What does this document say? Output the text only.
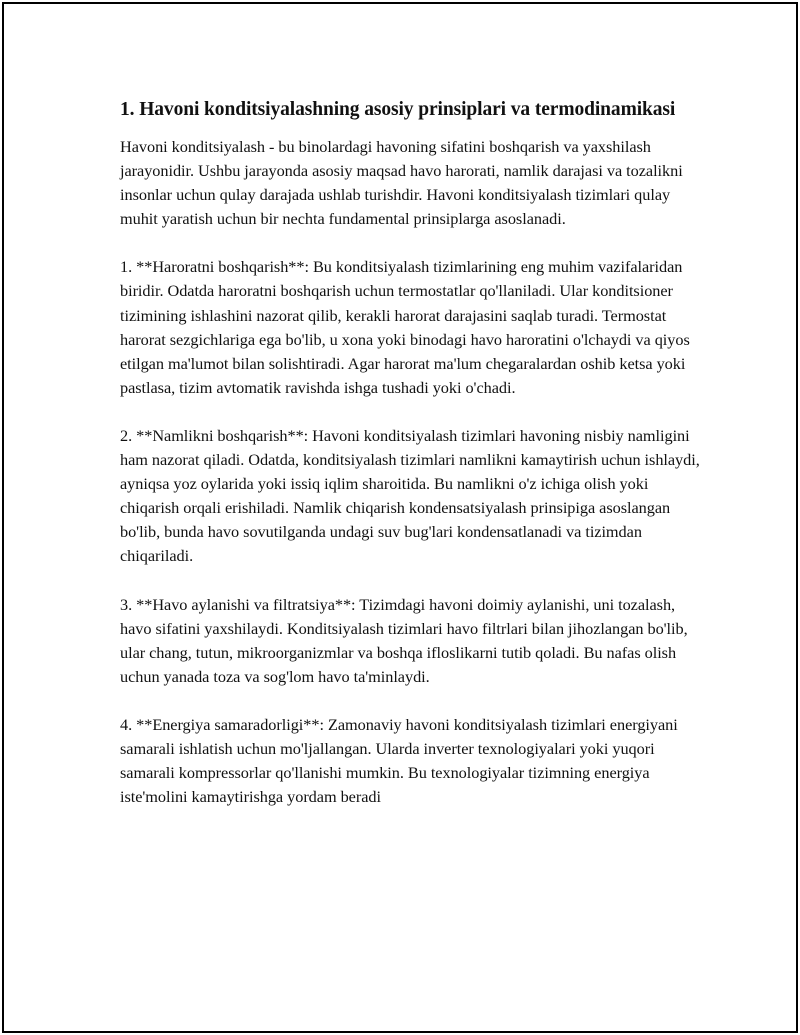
1. Havoni konditsiyalashning asosiy prinsiplari va termodinamikasi

Havoni konditsiyalash - bu binolardagi havoning sifatini boshqarish va yaxshilash jarayonidir. Ushbu jarayonda asosiy maqsad havo harorati, namlik darajasi va tozalikni insonlar uchun qulay darajada ushlab turishdir. Havoni konditsiyalash tizimlari qulay muhit yaratish uchun bir nechta fundamental prinsiplarga asoslanadi.

1. **Haroratni boshqarish**: Bu konditsiyalash tizimlarining eng muhim vazifalaridan biridir. Odatda haroratni boshqarish uchun termostatlar qo'llaniladi. Ular konditsioner tizimining ishlashini nazorat qilib, kerakli harorat darajasini saqlab turadi. Termostat harorat sezgichlariga ega bo'lib, u xona yoki binodagi havo haroratini o'lchaydi va qiyos etilgan ma'lumot bilan solishtiradi. Agar harorat ma'lum chegaralardan oshib ketsa yoki pastlasa, tizim avtomatik ravishda ishga tushadi yoki o'chadi.

2. **Namlikni boshqarish**: Havoni konditsiyalash tizimlari havoning nisbiy namligini ham nazorat qiladi. Odatda, konditsiyalash tizimlari namlikni kamaytirish uchun ishlaydi, ayniqsa yoz oylarida yoki issiq iqlim sharoitida. Bu namlikni o'z ichiga olish yoki chiqarish orqali erishiladi. Namlik chiqarish kondensatsiyalash prinsipiga asoslangan bo'lib, bunda havo sovutilganda undagi suv bug'lari kondensatlanadi va tizimdan chiqariladi.

3. **Havo aylanishi va filtratsiya**: Tizimdagi havoni doimiy aylanishi, uni tozalash, havo sifatini yaxshilaydi. Konditsiyalash tizimlari havo filtrlari bilan jihozlangan bo'lib, ular chang, tutun, mikroorganizmlar va boshqa ifloslikarni tutib qoladi. Bu nafas olish uchun yanada toza va sog'lom havo ta'minlaydi.

4. **Energiya samaradorligi**: Zamonaviy havoni konditsiyalash tizimlari energiyani samarali ishlatish uchun mo'ljallangan. Ularda inverter texnologiyalari yoki yuqori samarali kompressorlar qo'llanishi mumkin. Bu texnologiyalar tizimning energiya iste'molini kamaytirishga yordam beradi
